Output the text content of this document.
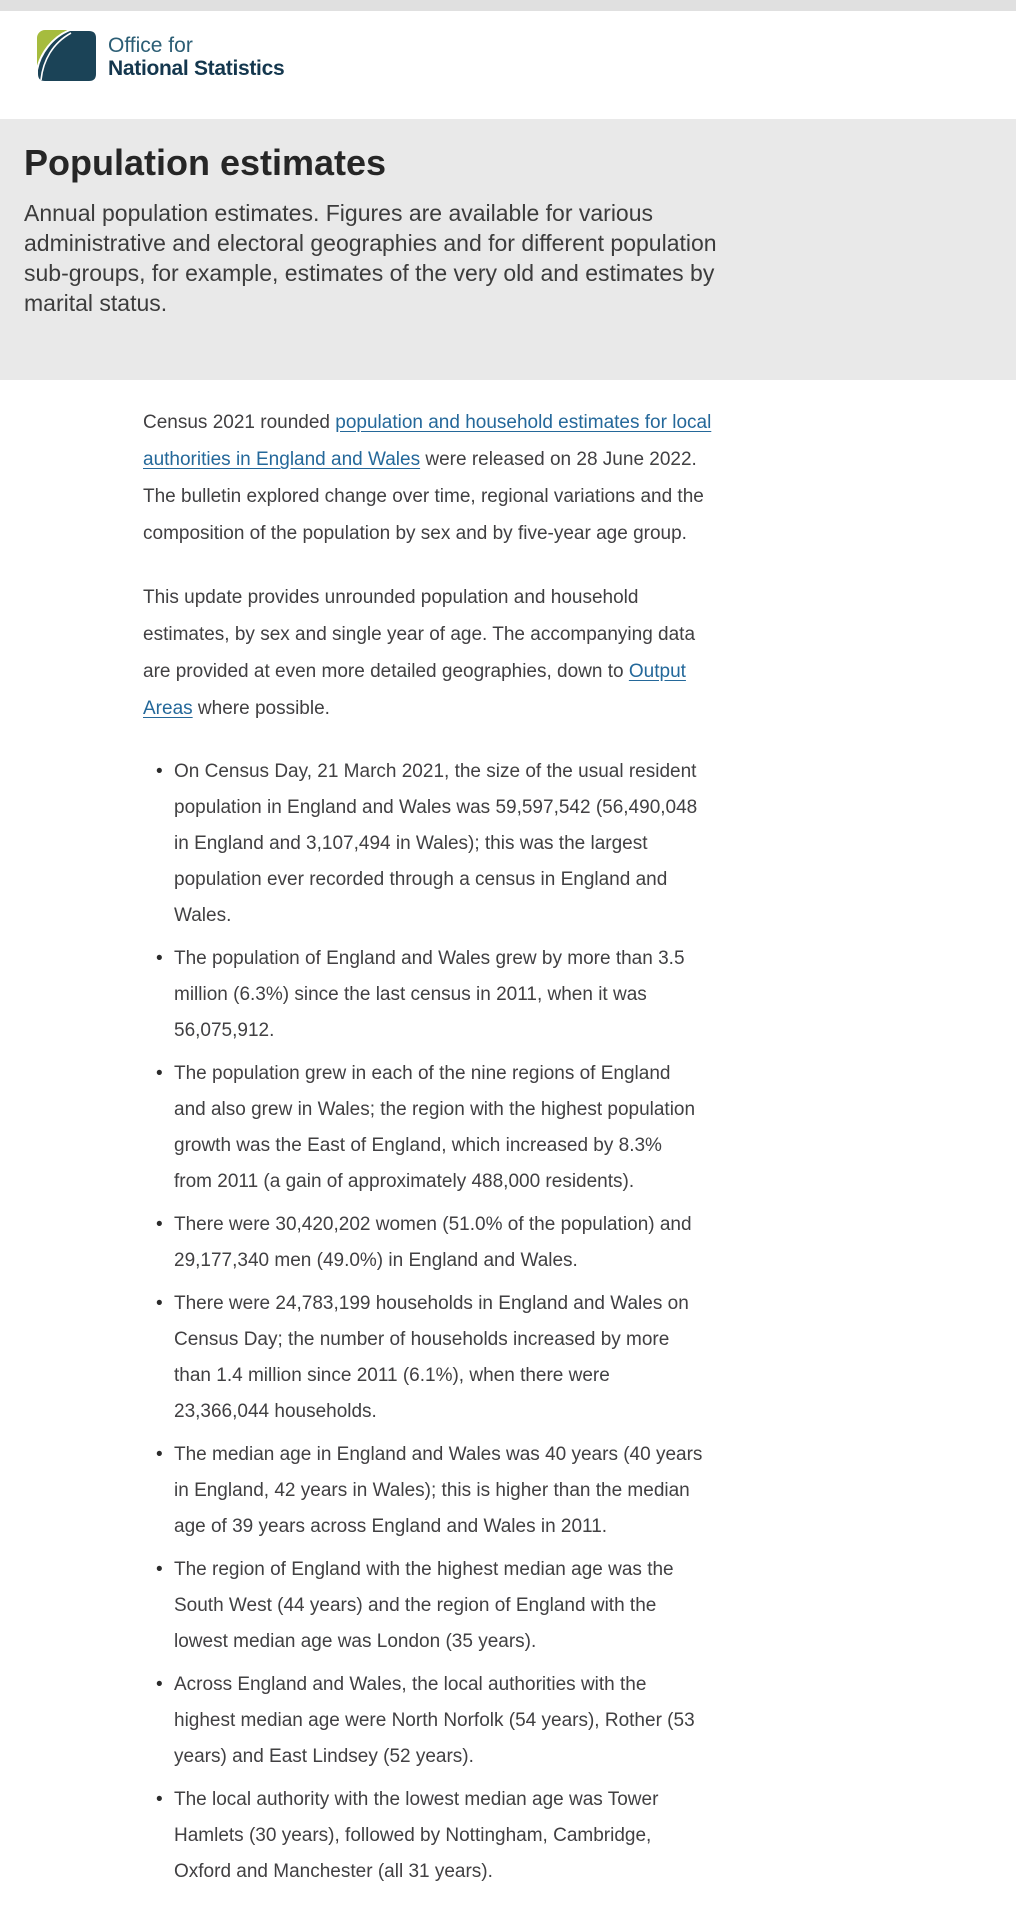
Office for
National Statistics
Population estimates

Annual population estimates. Figures are available for various administrative and electoral geographies and for different population sub-groups, for example, estimates of the very old and estimates by marital status.

Census 2021 rounded population and household estimates for local authorities in England and Wales were released on 28 June 2022. The bulletin explored change over time, regional variations and the composition of the population by sex and by five-year age group.

This update provides unrounded population and household estimates, by sex and single year of age. The accompanying data are provided at even more detailed geographies, down to Output Areas where possible.

• On Census Day, 21 March 2021, the size of the usual resident population in England and Wales was 59,597,542 (56,490,048 in England and 3,107,494 in Wales); this was the largest population ever recorded through a census in England and Wales.
• The population of England and Wales grew by more than 3.5 million (6.3%) since the last census in 2011, when it was 56,075,912.
• The population grew in each of the nine regions of England and also grew in Wales; the region with the highest population growth was the East of England, which increased by 8.3% from 2011 (a gain of approximately 488,000 residents).
• There were 30,420,202 women (51.0% of the population) and 29,177,340 men (49.0%) in England and Wales.
• There were 24,783,199 households in England and Wales on Census Day; the number of households increased by more than 1.4 million since 2011 (6.1%), when there were 23,366,044 households.
• The median age in England and Wales was 40 years (40 years in England, 42 years in Wales); this is higher than the median age of 39 years across England and Wales in 2011.
• The region of England with the highest median age was the South West (44 years) and the region of England with the lowest median age was London (35 years).
• Across England and Wales, the local authorities with the highest median age were North Norfolk (54 years), Rother (53 years) and East Lindsey (52 years).
• The local authority with the lowest median age was Tower Hamlets (30 years), followed by Nottingham, Cambridge, Oxford and Manchester (all 31 years).
